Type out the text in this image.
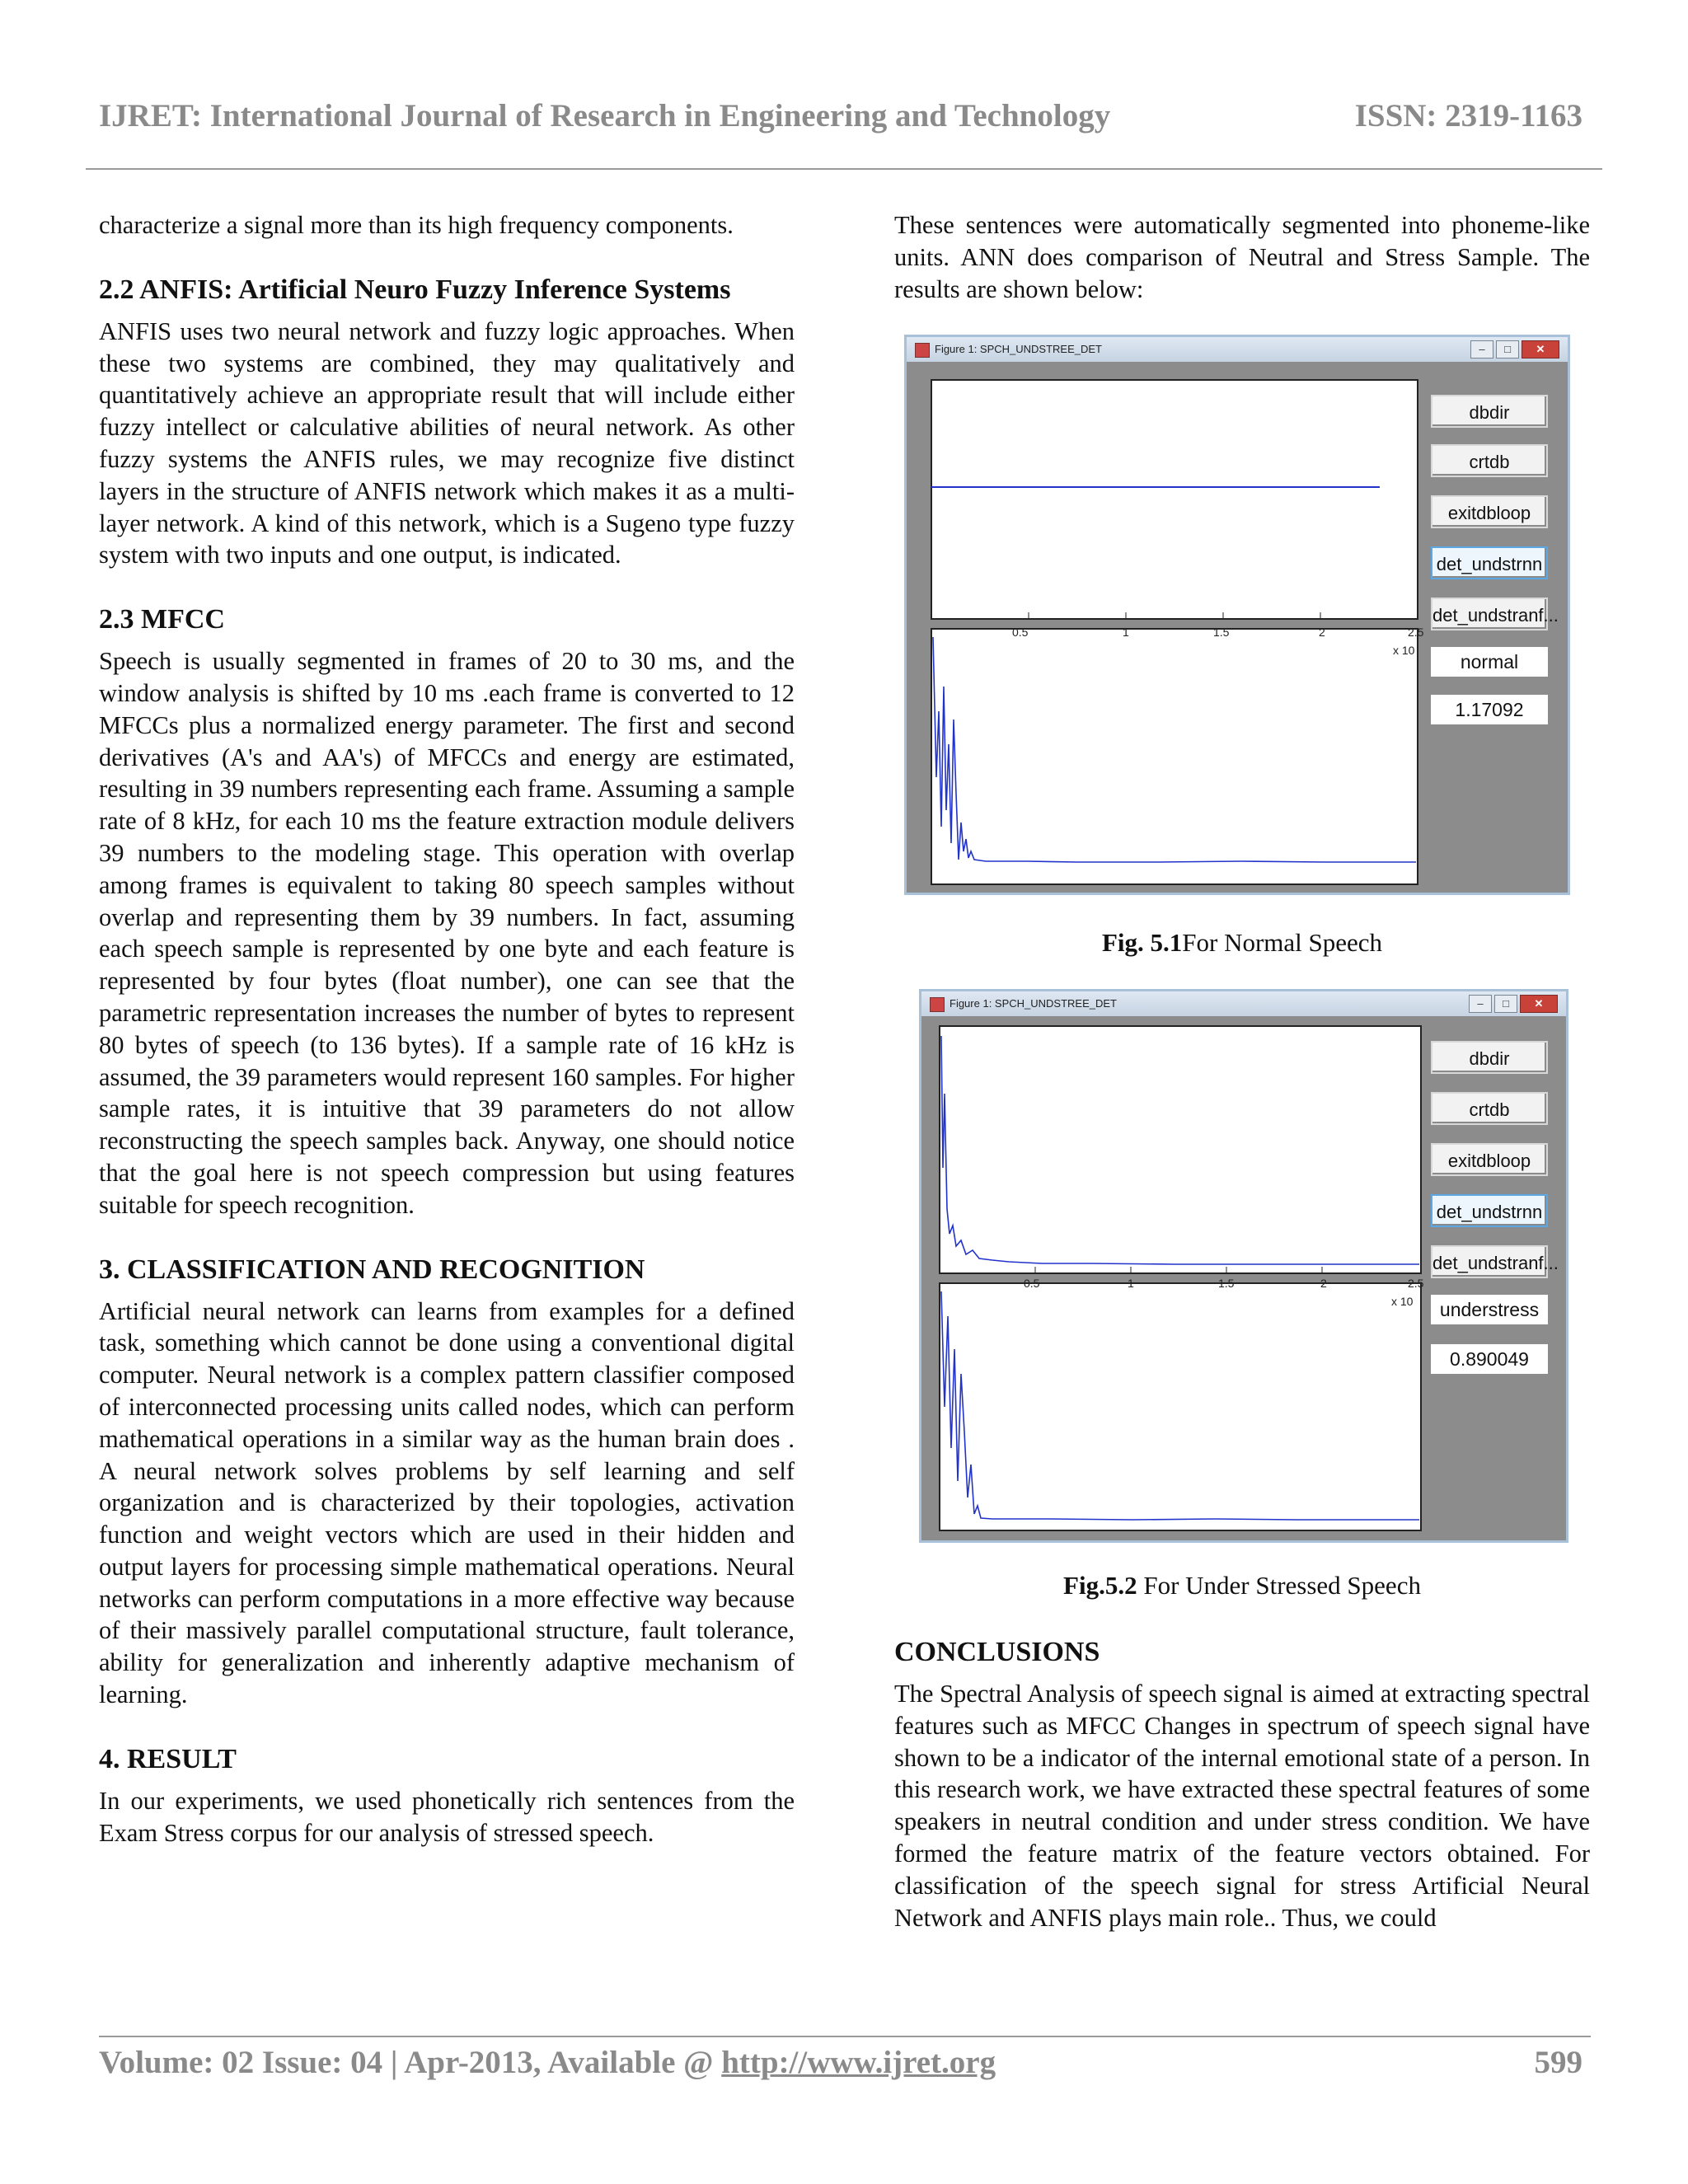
IJRET: International Journal of Research in Engineering and Technology	ISSN: 2319-1163

characterize a signal more than its high frequency components.

2.2 ANFIS: Artificial Neuro Fuzzy Inference Systems

ANFIS uses two neural network and fuzzy logic approaches. When these two systems are combined, they may qualitatively and quantitatively achieve an appropriate result that will include either fuzzy intellect or calculative abilities of neural network. As other fuzzy systems the ANFIS rules, we may recognize five distinct layers in the structure of ANFIS network which makes it as a multi-layer network. A kind of this network, which is a Sugeno type fuzzy system with two inputs and one output, is indicated.

2.3 MFCC

Speech is usually segmented in frames of 20 to 30 ms, and the window analysis is shifted by 10 ms .each frame is converted to 12 MFCCs plus a normalized energy parameter. The first and second derivatives (A's and AA's) of MFCCs and energy are estimated, resulting in 39 numbers representing each frame. Assuming a sample rate of 8 kHz, for each 10 ms the feature extraction module delivers 39 numbers to the modeling stage. This operation with overlap among frames is equivalent to taking 80 speech samples without overlap and representing them by 39 numbers. In fact, assuming each speech sample is represented by one byte and each feature is represented by four bytes (float number), one can see that the parametric representation increases the number of bytes to represent 80 bytes of speech (to 136 bytes). If a sample rate of 16 kHz is assumed, the 39 parameters would represent 160 samples. For higher sample rates, it is intuitive that 39 parameters do not allow reconstructing the speech samples back. Anyway, one should notice that the goal here is not speech compression but using features suitable for speech recognition.

3. CLASSIFICATION AND RECOGNITION

Artificial neural network can learns from examples for a defined task, something which cannot be done using a conventional digital computer. Neural network is a complex pattern classifier composed of interconnected processing units called nodes, which can perform mathematical operations in a similar way as the human brain does . A neural network solves problems by self learning and self organization and is characterized by their topologies, activation function and weight vectors which are used in their hidden and output layers for processing simple mathematical operations. Neural networks can perform computations in a more effective way because of their massively parallel computational structure, fault tolerance, ability for generalization and inherently adaptive mechanism of learning.

4. RESULT

In our experiments, we used phonetically rich sentences from the Exam Stress corpus for our analysis of stressed speech.

These sentences were automatically segmented into phoneme-like units. ANN does comparison of Neutral and Stress Sample. The results are shown below:

Figure 1: SPCH_UNDSTREE_DET	–	□	✕
0.5	1	1.5	2	2.5
x 10
dbdir
crtdb
exitdbloop
det_undstrnn
det_undstranf...
normal
1.17092
Fig. 5.1For Normal Speech
Figure 1: SPCH_UNDSTREE_DET	–	□	✕
0.5	1	1.5	2	2.5
x 10
dbdir
crtdb
exitdbloop
det_undstrnn
det_undstranf...
understress
0.890049
Fig.5.2 For Under Stressed Speech
CONCLUSIONS

The Spectral Analysis of speech signal is aimed at extracting spectral features such as MFCC Changes in spectrum of speech signal have shown to be a indicator of the internal emotional state of a person. In this research work, we have extracted these spectral features of some speakers in neutral condition and under stress condition. We have formed the feature matrix of the feature vectors obtained. For classification of the speech signal for stress Artificial Neural Network and ANFIS plays main role.. Thus, we could

Volume: 02 Issue: 04 | Apr-2013, Available @ http://www.ijret.org	599
